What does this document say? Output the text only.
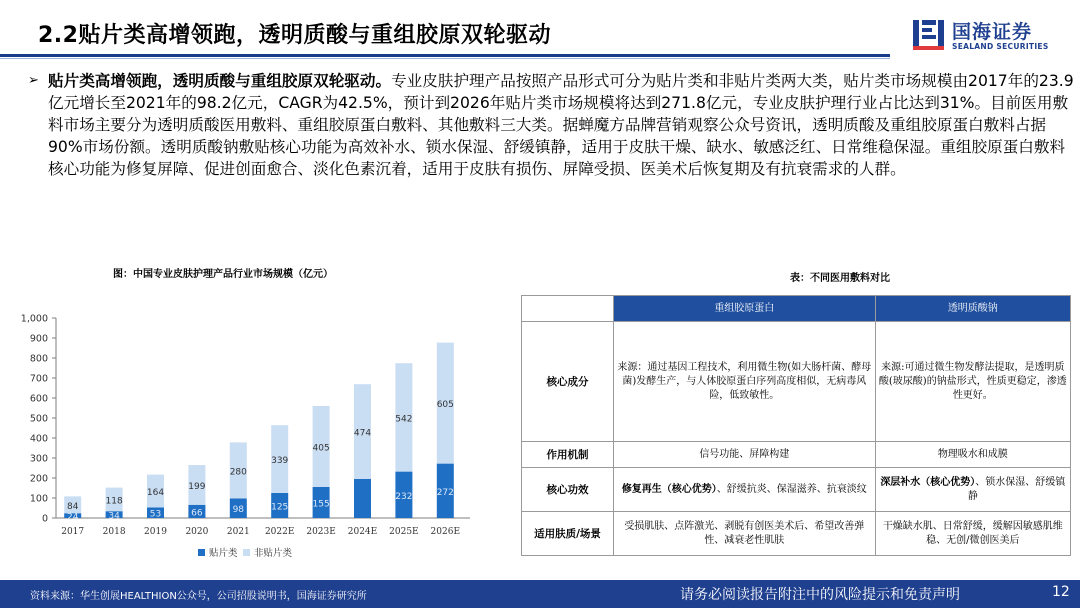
2.2贴片类高增领跑，透明质酸与重组胶原双轮驱动	国海证券
SEALAND SECURITIES
➢ 贴片类高增领跑，透明质酸与重组胶原双轮驱动。专业皮肤护理产品按照产品形式可分为贴片类和非贴片类两大类，贴片类市场规模由2017年的23.9亿元增长至2021年的98.2亿元，CAGR为42.5%，预计到2026年贴片类市场规模将达到271.8亿元，专业皮肤护理行业占比达到31%。目前医用敷料市场主要分为透明质酸医用敷料、重组胶原蛋白敷料、其他敷料三大类。据蝉魔方品牌营销观察公众号资讯，透明质酸及重组胶原蛋白敷料占据90%市场份额。透明质酸钠敷贴核心功能为高效补水、锁水保湿、舒缓镇静，适用于皮肤干燥、缺水、敏感泛红、日常维稳保湿。重组胶原蛋白敷料核心功能为修复屏障、促进创面愈合、淡化色素沉着，适用于皮肤有损伤、屏障受损、医美术后恢复期及有抗衰需求的人群。
图：中国专业皮肤护理产品行业市场规模（亿元）	表：不同医用敷料对比
0
100
200
300
400
500
600
700
800
900
1,000
24
84
2017
34
118
2018
53
164
2019
66
199
2020
98
280
2021
125
339
2022E
155
405
2023E
474
2024E
232
542
2025E
272
605
2026E
贴片类 非贴片类
	重组胶原蛋白	透明质酸钠
核心成分	来源：通过基因工程技术，利用微生物(如大肠杆菌、酵母菌)发酵生产，与人体胶原蛋白序列高度相似，无病毒风险，低致敏性。	来源:可通过微生物发酵法提取，是透明质酸(玻尿酸)的钠盐形式，性质更稳定，渗透性更好。
作用机制	信号功能、屏障构建	物理吸水和成膜
核心功效	修复再生（核心优势）、舒缓抗炎、保湿滋养、抗衰淡纹	深层补水（核心优势）、锁水保湿、舒缓镇静
适用肤质/场景	受损肌肤、点阵激光、剥脱有创医美术后、希望改善弹性、减衰老性肌肤	干燥缺水肌、日常舒缓，缓解因敏感肌维稳、无创/微创医美后
资料来源：华生创展HEALTHION公众号，公司招股说明书，国海证券研究所	请务必阅读报告附注中的风险提示和免责声明	12
